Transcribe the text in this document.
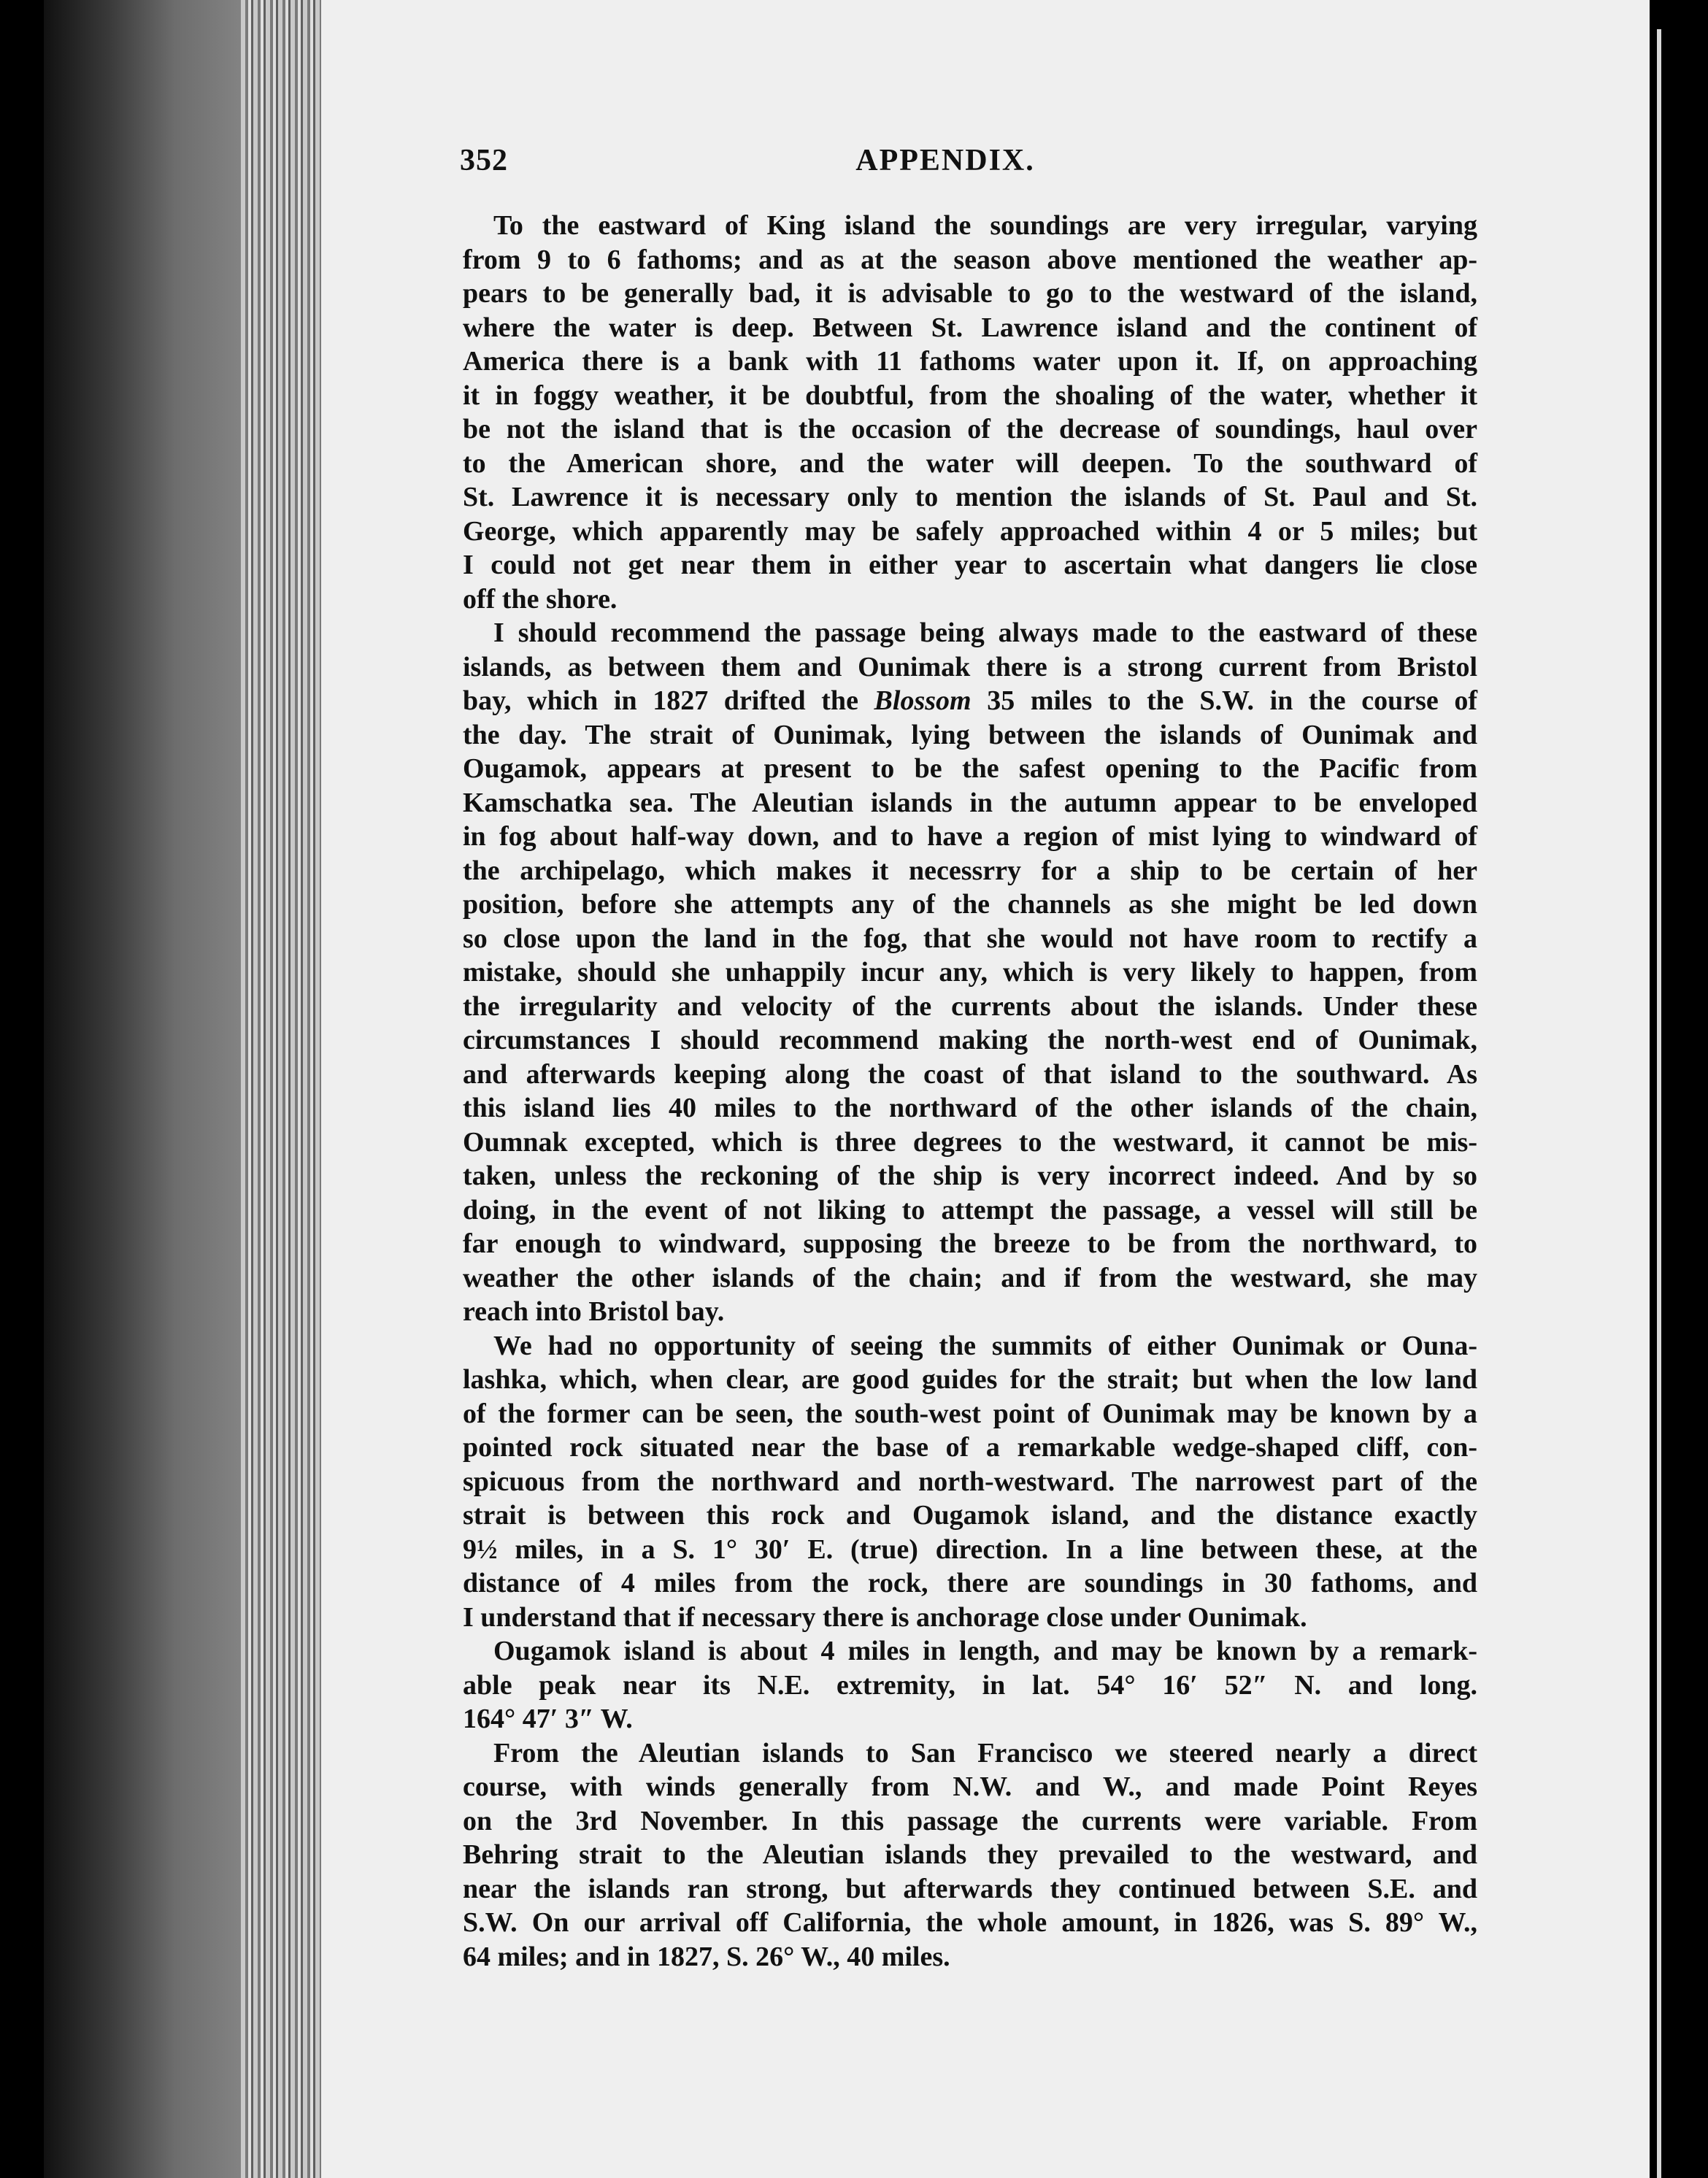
352	APPENDIX.
To the eastward of King island the soundings are very irregular, varying
from 9 to 6 fathoms; and as at the season above mentioned the weather ap-
pears to be generally bad, it is advisable to go to the westward of the island,
where the water is deep. Between St. Lawrence island and the continent of
America there is a bank with 11 fathoms water upon it. If, on approaching
it in foggy weather, it be doubtful, from the shoaling of the water, whether it
be not the island that is the occasion of the decrease of soundings, haul over
to the American shore, and the water will deepen. To the southward of
St. Lawrence it is necessary only to mention the islands of St. Paul and St.
George, which apparently may be safely approached within 4 or 5 miles; but
I could not get near them in either year to ascertain what dangers lie close
off the shore.
I should recommend the passage being always made to the eastward of these
islands, as between them and Ounimak there is a strong current from Bristol
bay, which in 1827 drifted the Blossom 35 miles to the S.W. in the course of
the day. The strait of Ounimak, lying between the islands of Ounimak and
Ougamok, appears at present to be the safest opening to the Pacific from
Kamschatka sea. The Aleutian islands in the autumn appear to be enveloped
in fog about half-way down, and to have a region of mist lying to windward of
the archipelago, which makes it necessrry for a ship to be certain of her
position, before she attempts any of the channels as she might be led down
so close upon the land in the fog, that she would not have room to rectify a
mistake, should she unhappily incur any, which is very likely to happen, from
the irregularity and velocity of the currents about the islands. Under these
circumstances I should recommend making the north-west end of Ounimak,
and afterwards keeping along the coast of that island to the southward. As
this island lies 40 miles to the northward of the other islands of the chain,
Oumnak excepted, which is three degrees to the westward, it cannot be mis-
taken, unless the reckoning of the ship is very incorrect indeed. And by so
doing, in the event of not liking to attempt the passage, a vessel will still be
far enough to windward, supposing the breeze to be from the northward, to
weather the other islands of the chain; and if from the westward, she may
reach into Bristol bay.
We had no opportunity of seeing the summits of either Ounimak or Ouna-
lashka, which, when clear, are good guides for the strait; but when the low land
of the former can be seen, the south-west point of Ounimak may be known by a
pointed rock situated near the base of a remarkable wedge-shaped cliff, con-
spicuous from the northward and north-westward. The narrowest part of the
strait is between this rock and Ougamok island, and the distance exactly
9½ miles, in a S. 1° 30′ E. (true) direction. In a line between these, at the
distance of 4 miles from the rock, there are soundings in 30 fathoms, and
I understand that if necessary there is anchorage close under Ounimak.
Ougamok island is about 4 miles in length, and may be known by a remark-
able peak near its N.E. extremity, in lat. 54° 16′ 52″ N. and long.
164° 47′ 3″ W.
From the Aleutian islands to San Francisco we steered nearly a direct
course, with winds generally from N.W. and W., and made Point Reyes
on the 3rd November. In this passage the currents were variable. From
Behring strait to the Aleutian islands they prevailed to the westward, and
near the islands ran strong, but afterwards they continued between S.E. and
S.W. On our arrival off California, the whole amount, in 1826, was S. 89° W.,
64 miles; and in 1827, S. 26° W., 40 miles.
